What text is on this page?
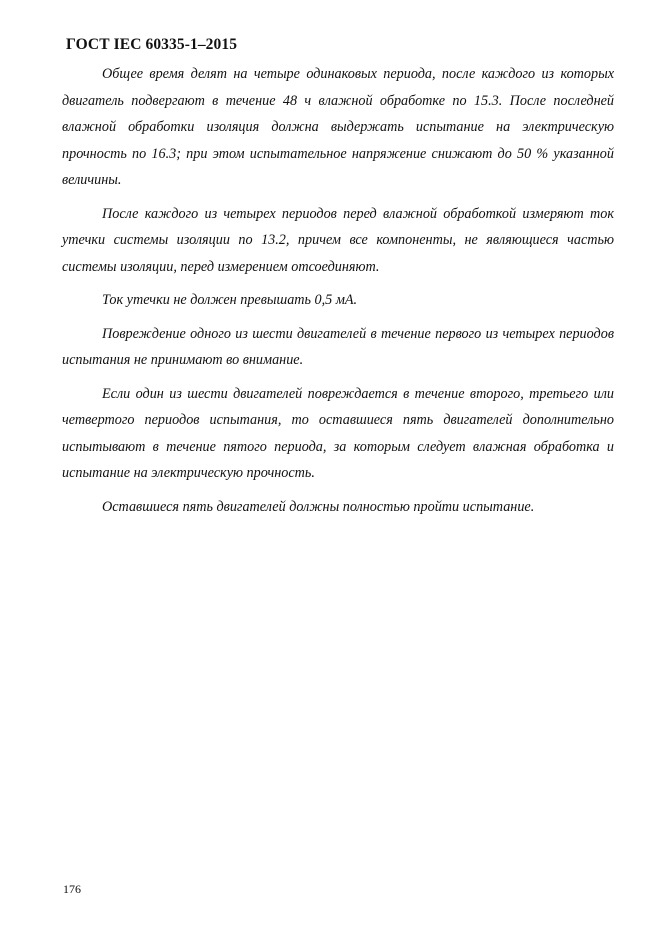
ГОСТ IEC 60335-1–2015

Общее время делят на четыре одинаковых периода, после каждого из которых двигатель подвергают в течение 48 ч влажной обработке по 15.3. После последней влажной обработки изоляция должна выдержать испытание на электрическую прочность по 16.3; при этом испытательное напряжение снижают до 50 % указанной величины.

После каждого из четырех периодов перед влажной обработкой измеряют ток утечки системы изоляции по 13.2, причем все компоненты, не являющиеся частью системы изоляции, перед измерением отсоединяют.

Ток утечки не должен превышать 0,5 мА.

Повреждение одного из шести двигателей в течение первого из четырех периодов испытания не принимают во внимание.

Если один из шести двигателей повреждается в течение второго, третьего или четвертого периодов испытания, то оставшиеся пять двигателей дополнительно испытывают в течение пятого периода, за которым следует влажная обработка и испытание на электрическую прочность.

Оставшиеся пять двигателей должны полностью пройти испытание.

176
